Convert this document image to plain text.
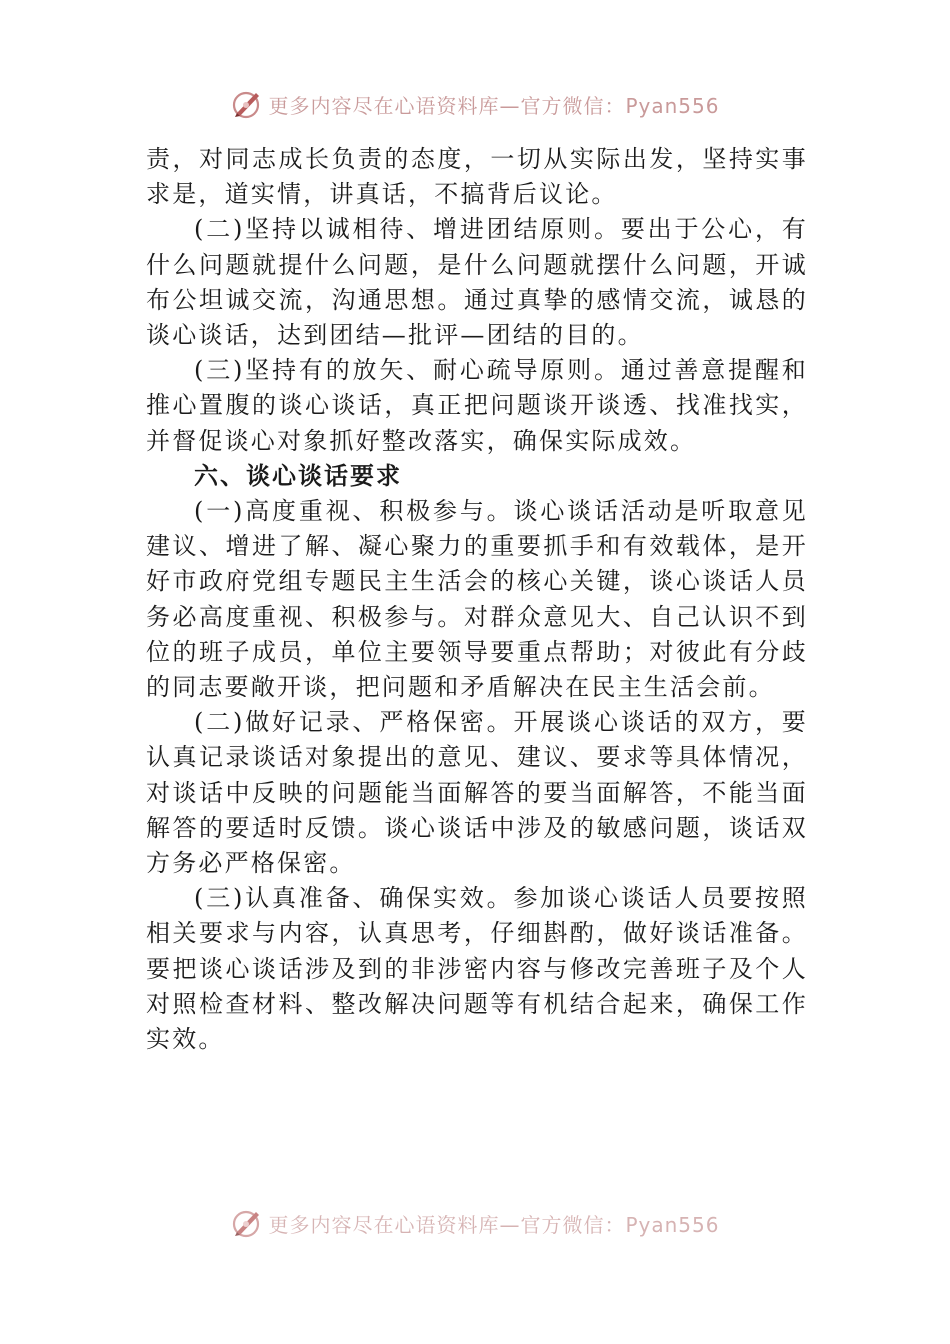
更多内容尽在心语资料库—官方微信：Pyan556

责，对同志成长负责的态度，一切从实际出发，坚持实事求是，道实情，讲真话，不搞背后议论。

(二)坚持以诚相待、增进团结原则。要出于公心，有什么问题就提什么问题，是什么问题就摆什么问题，开诚布公坦诚交流，沟通思想。通过真挚的感情交流，诚恳的谈心谈话，达到团结—批评—团结的目的。

(三)坚持有的放矢、耐心疏导原则。通过善意提醒和推心置腹的谈心谈话，真正把问题谈开谈透、找准找实，并督促谈心对象抓好整改落实，确保实际成效。

六、谈心谈话要求

(一)高度重视、积极参与。谈心谈话活动是听取意见建议、增进了解、凝心聚力的重要抓手和有效载体，是开好市政府党组专题民主生活会的核心关键，谈心谈话人员务必高度重视、积极参与。对群众意见大、自己认识不到位的班子成员，单位主要领导要重点帮助；对彼此有分歧的同志要敞开谈，把问题和矛盾解决在民主生活会前。

(二)做好记录、严格保密。开展谈心谈话的双方，要认真记录谈话对象提出的意见、建议、要求等具体情况，对谈话中反映的问题能当面解答的要当面解答，不能当面解答的要适时反馈。谈心谈话中涉及的敏感问题，谈话双方务必严格保密。

(三)认真准备、确保实效。参加谈心谈话人员要按照相关要求与内容，认真思考，仔细斟酌，做好谈话准备。要把谈心谈话涉及到的非涉密内容与修改完善班子及个人对照检查材料、整改解决问题等有机结合起来，确保工作实效。

更多内容尽在心语资料库—官方微信：Pyan556
